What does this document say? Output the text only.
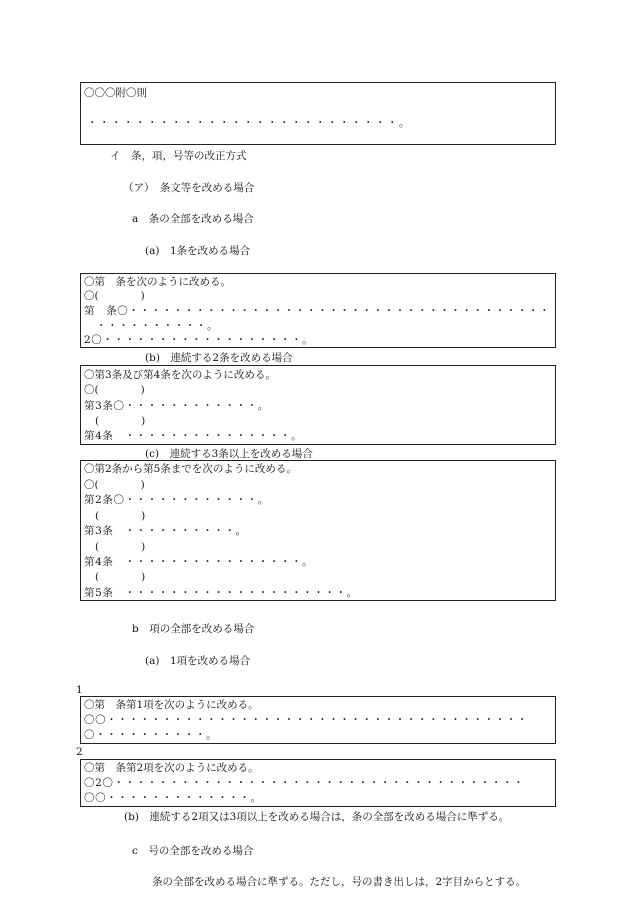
〇〇〇附〇則
・・・・・・・・・・・・・・・・・・・・・・・・・・。
イ　条，項，号等の改正方式
（ア）　条文等を改める場合
a　条の全部を改める場合
(a)　1条を改める場合
〇第　条を次のように改める。
〇(　　　　)
第　条〇・・・・・・・・・・・・・・・・・・・・・・・・・・・・・・・・・・・・・・
・・・・・・・・・・。
2〇・・・・・・・・・・・・・・・・・・。
(b)　連続する2条を改める場合
〇第3条及び第4条を次のように改める。
〇(　　　　)
第3条〇・・・・・・・・・・・・。
(　　　　)
第4条　・・・・・・・・・・・・・・・。
(c)　連続する3条以上を改める場合
〇第2条から第5条までを次のように改める。
〇(　　　　)
第2条〇・・・・・・・・・・・・。
(　　　　)
第3条　・・・・・・・・・・。
(　　　　)
第4条　・・・・・・・・・・・・・・・・。
(　　　　)
第5条　・・・・・・・・・・・・・・・・・・・・。
b　項の全部を改める場合
(a)　1項を改める場合
1
〇第　条第1項を次のように改める。
〇〇・・・・・・・・・・・・・・・・・・・・・・・・・・・・・・・・・・・・・・
〇・・・・・・・・・・。
2
〇第　条第2項を次のように改める。
〇2〇・・・・・・・・・・・・・・・・・・・・・・・・・・・・・・・・・・・・・
〇〇・・・・・・・・・・・・・。
(b)　連続する2項又は3項以上を改める場合は，条の全部を改める場合に準ずる。
c　号の全部を改める場合
条の全部を改める場合に準ずる。ただし，号の書き出しは，2字目からとする。
